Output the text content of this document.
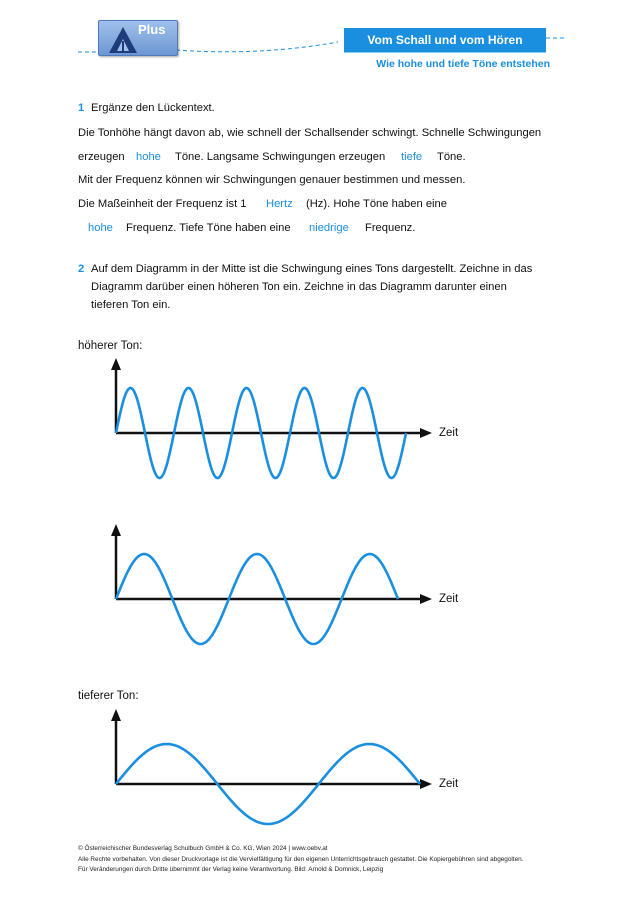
Plus
Vom Schall und vom Hören
Wie hohe und tiefe Töne entstehen
1 Ergänze den Lückentext.
Die Tonhöhe hängt davon ab, wie schnell der Schallsender schwingt. Schnelle Schwingungen
erzeugen hohe Töne. Langsame Schwingungen erzeugen tiefe Töne.
Mit der Frequenz können wir Schwingungen genauer bestimmen und messen.
Die Maßeinheit der Frequenz ist 1 Hertz (Hz). Hohe Töne haben eine
hohe Frequenz. Tiefe Töne haben eine niedrige Frequenz.
2 Auf dem Diagramm in der Mitte ist die Schwingung eines Tons dargestellt. Zeichne in das
Diagramm darüber einen höheren Ton ein. Zeichne in das Diagramm darunter einen
tieferen Ton ein.
höherer Ton:
tieferer Ton:
Zeit
Zeit
Zeit
© Österreichischer Bundesverlag Schulbuch GmbH & Co. KG, Wien 2024 | www.oebv.at
Alle Rechte vorbehalten. Von dieser Druckvorlage ist die Vervielfältigung für den eigenen Unterrichtsgebrauch gestattet. Die Kopiergebühren sind abgegolten.
Für Veränderungen durch Dritte übernimmt der Verlag keine Verantwortung. Bild: Arnold & Domnick, Leipzig
